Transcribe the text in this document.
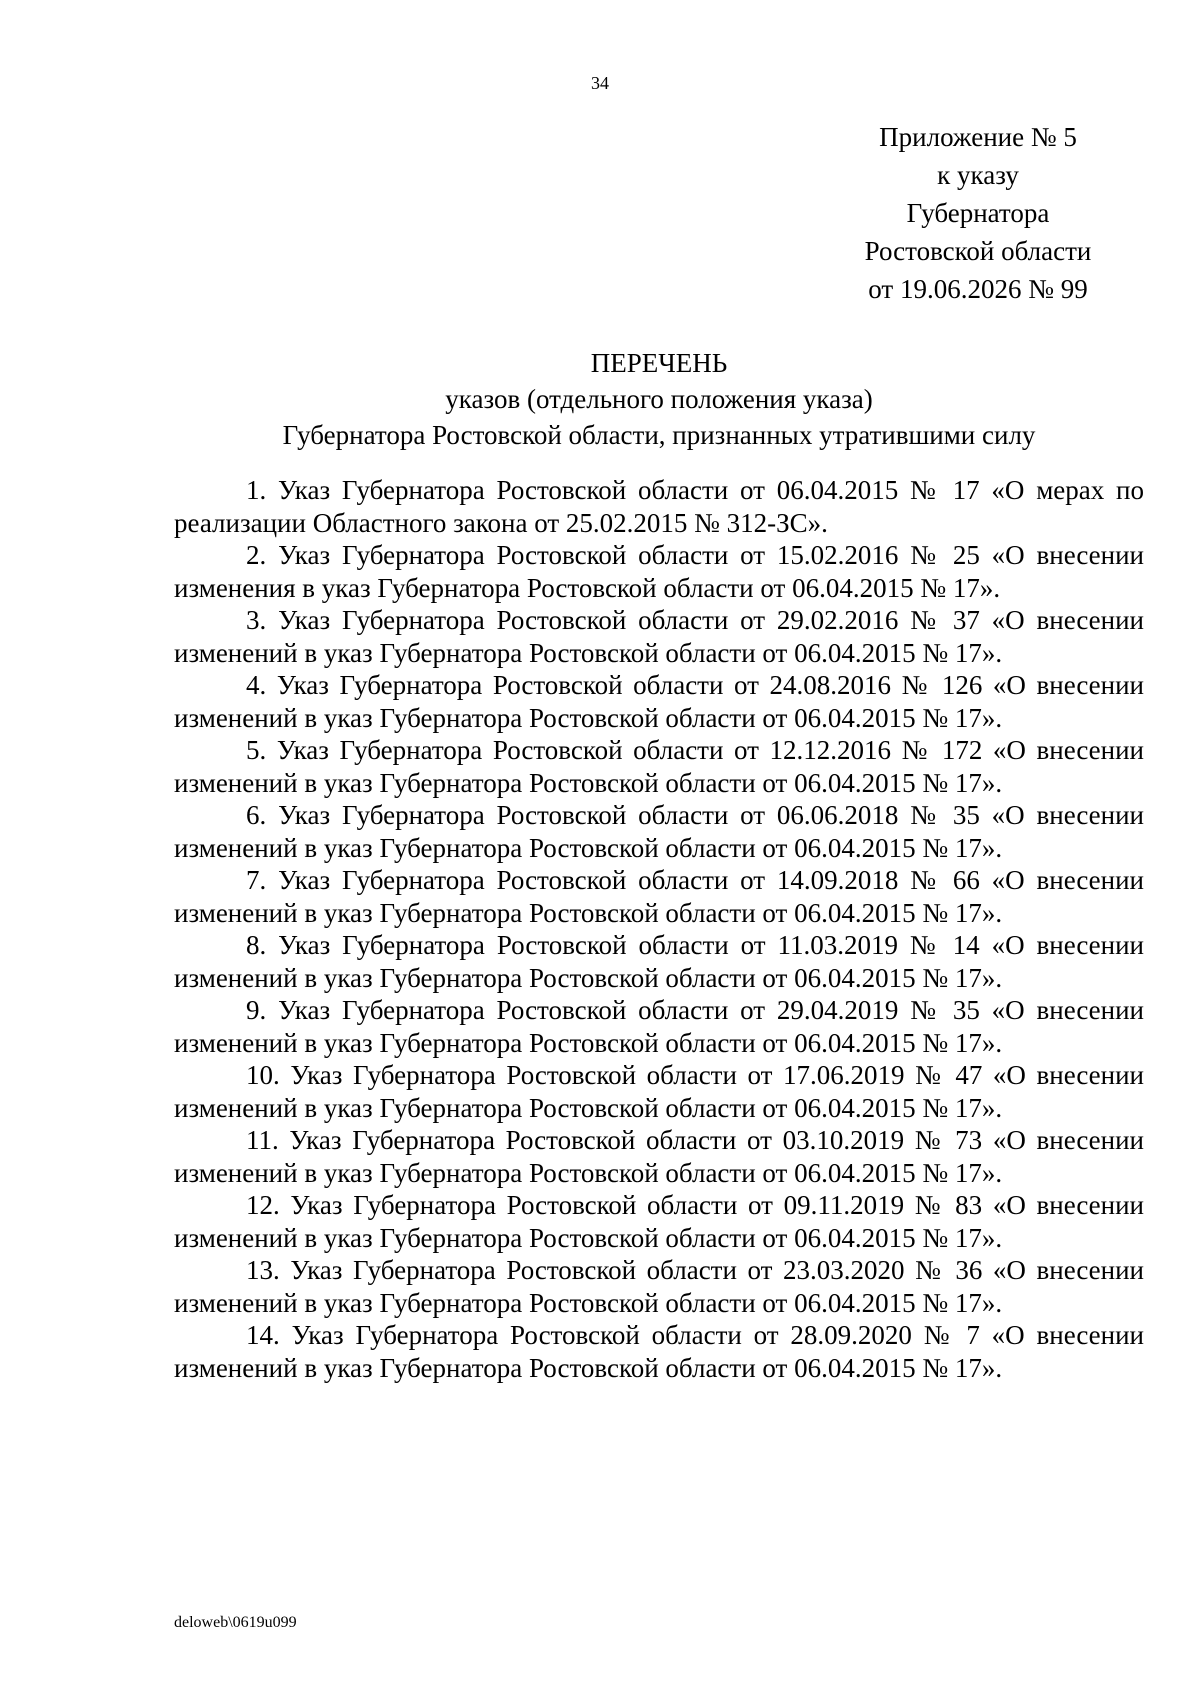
34
Приложение № 5
к указу
Губернатора
Ростовской области
от 19.06.2026 № 99
ПЕРЕЧЕНЬ
указов (отдельного положения указа)
Губернатора Ростовской области, признанных утратившими силу

1. Указ Губернатора Ростовской области от 06.04.2015 № 17 «О мерах по реализации Областного закона от 25.02.2015 № 312-ЗС».

2. Указ Губернатора Ростовской области от 15.02.2016 № 25 «О внесении изменения в указ Губернатора Ростовской области от 06.04.2015 № 17».

3. Указ Губернатора Ростовской области от 29.02.2016 № 37 «О внесении изменений в указ Губернатора Ростовской области от 06.04.2015 № 17».

4. Указ Губернатора Ростовской области от 24.08.2016 № 126 «О внесении изменений в указ Губернатора Ростовской области от 06.04.2015 № 17».

5. Указ Губернатора Ростовской области от 12.12.2016 № 172 «О внесении изменений в указ Губернатора Ростовской области от 06.04.2015 № 17».

6. Указ Губернатора Ростовской области от 06.06.2018 № 35 «О внесении изменений в указ Губернатора Ростовской области от 06.04.2015 № 17».

7. Указ Губернатора Ростовской области от 14.09.2018 № 66 «О внесении изменений в указ Губернатора Ростовской области от 06.04.2015 № 17».

8. Указ Губернатора Ростовской области от 11.03.2019 № 14 «О внесении изменений в указ Губернатора Ростовской области от 06.04.2015 № 17».

9. Указ Губернатора Ростовской области от 29.04.2019 № 35 «О внесении изменений в указ Губернатора Ростовской области от 06.04.2015 № 17».

10. Указ Губернатора Ростовской области от 17.06.2019 № 47 «О внесении изменений в указ Губернатора Ростовской области от 06.04.2015 № 17».

11. Указ Губернатора Ростовской области от 03.10.2019 № 73 «О внесении изменений в указ Губернатора Ростовской области от 06.04.2015 № 17».

12. Указ Губернатора Ростовской области от 09.11.2019 № 83 «О внесении изменений в указ Губернатора Ростовской области от 06.04.2015 № 17».

13. Указ Губернатора Ростовской области от 23.03.2020 № 36 «О внесении изменений в указ Губернатора Ростовской области от 06.04.2015 № 17».

14. Указ Губернатора Ростовской области от 28.09.2020 № 7 «О внесении изменений в указ Губернатора Ростовской области от 06.04.2015 № 17».

deloweb\0619u099
